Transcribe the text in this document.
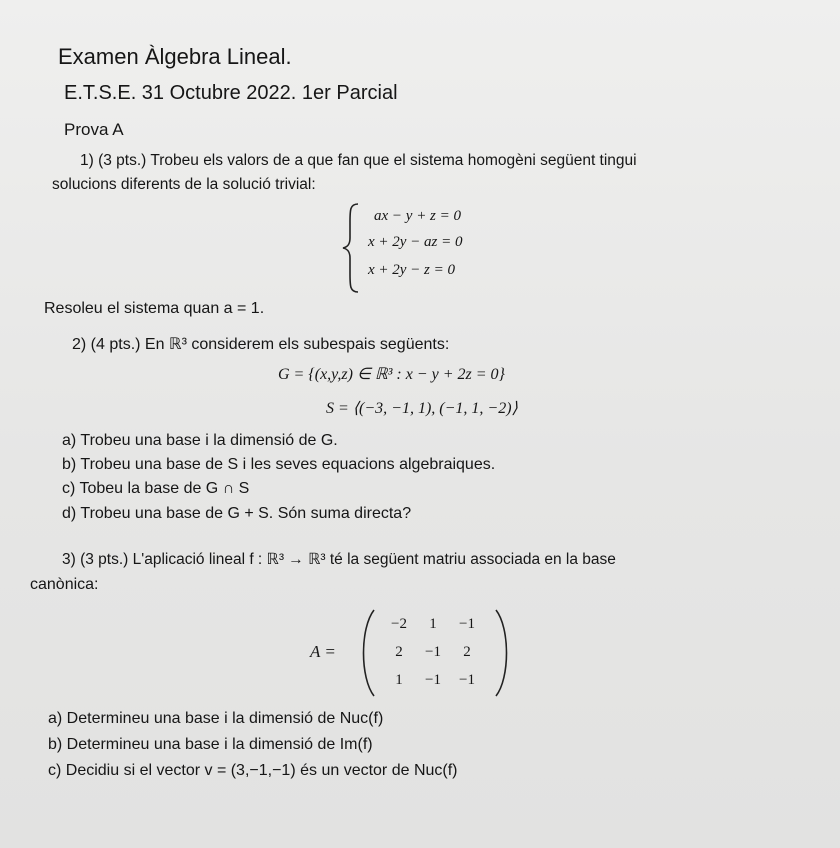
Examen Àlgebra Lineal.
E.T.S.E. 31 Octubre 2022. 1er Parcial
Prova A
1) (3 pts.) Trobeu els valors de a que fan que el sistema homogèni següent tingui
solucions diferents de la solució trivial:
ax − y + z = 0
x + 2y − az = 0
x + 2y − z = 0
Resoleu el sistema quan a = 1.
2) (4 pts.) En ℝ³ considerem els subespais següents:
G = {(x,y,z) ∈ ℝ³ : x − y + 2z = 0}
S = ⟨(−3, −1, 1), (−1, 1, −2)⟩
a) Trobeu una base i la dimensió de G.
b) Trobeu una base de S i les seves equacions algebraiques.
c) Tobeu la base de G ∩ S
d) Trobeu una base de G + S. Són suma directa?
3) (3 pts.) L'aplicació lineal f : ℝ³ → ℝ³ té la següent matriu associada en la base
canònica:
A =
−2	1	−1
2	−1	2
1	−1	−1
a) Determineu una base i la dimensió de Nuc(f)
b) Determineu una base i la dimensió de Im(f)
c) Decidiu si el vector v = (3,−1,−1) és un vector de Nuc(f)
